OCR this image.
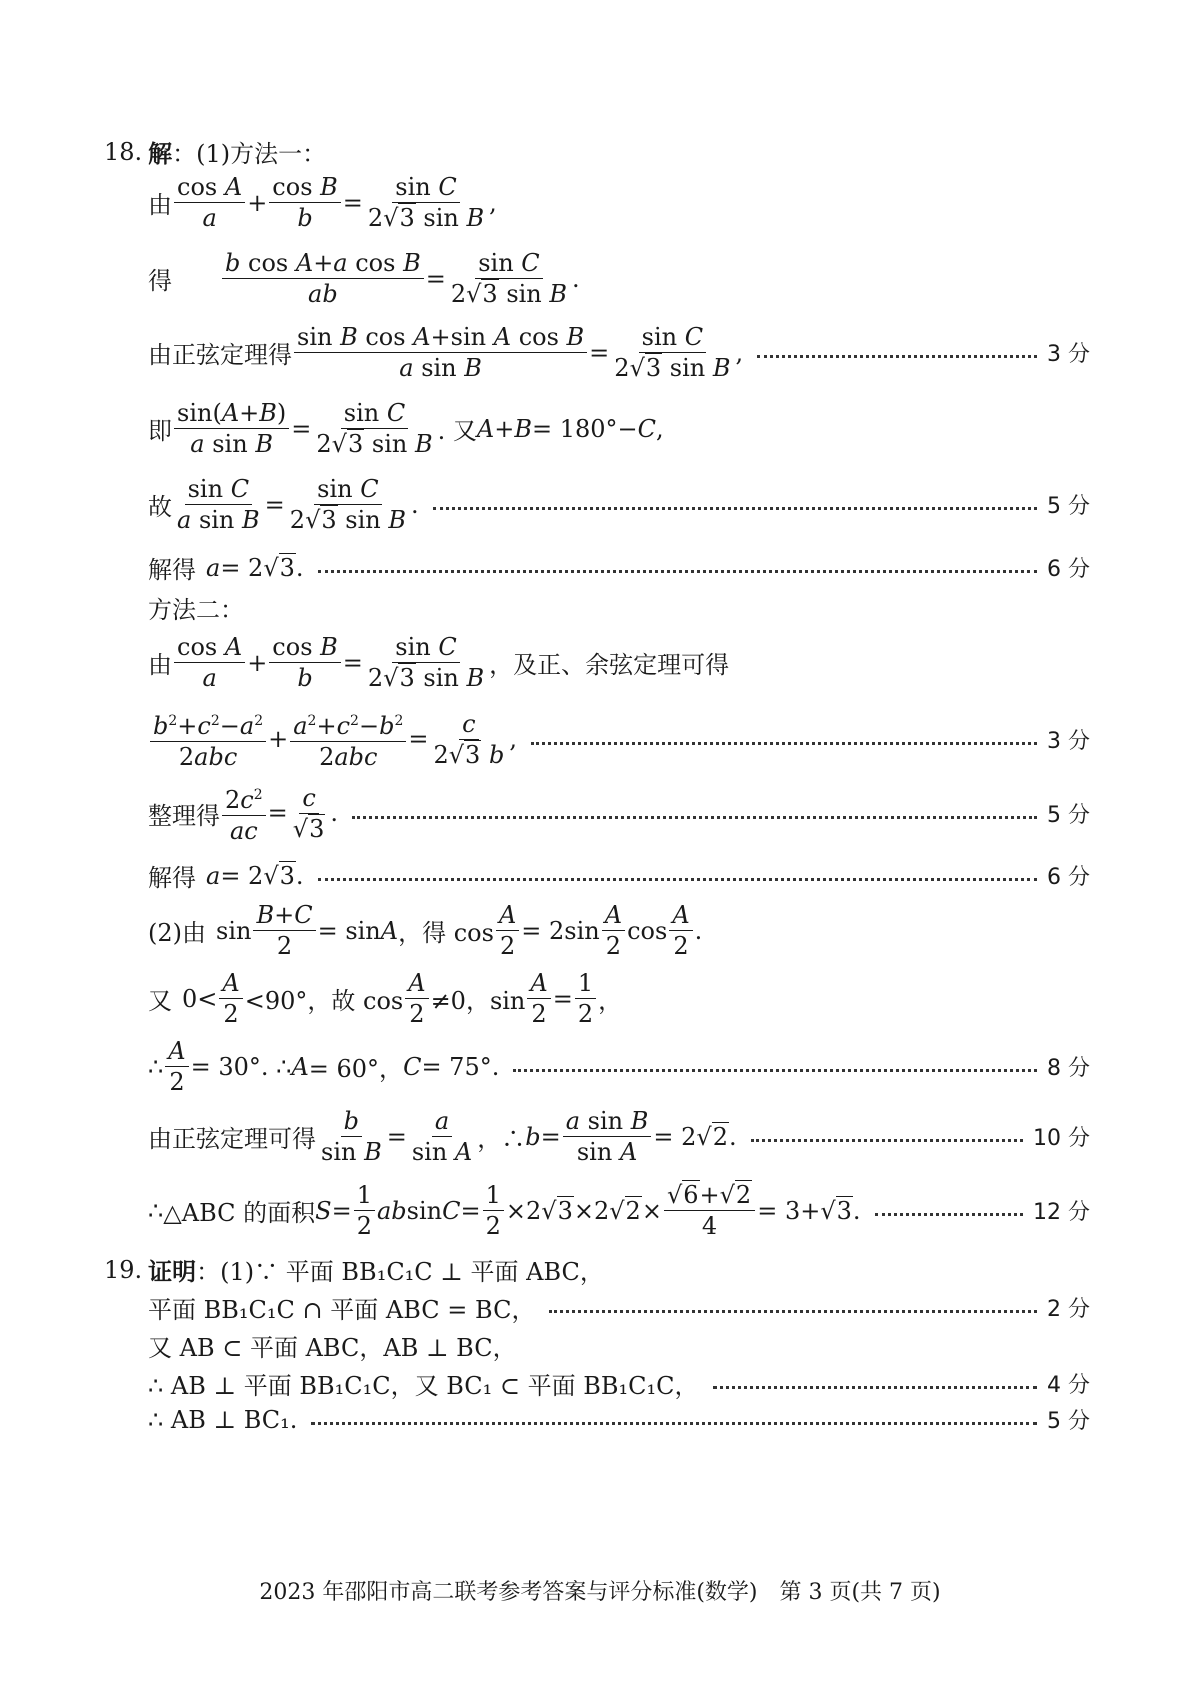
18. 解 ：(1)方法一：
由 $\frac{\text{cos A}}{a} + \frac{\text{cos B}}{b} = \frac{\text{sin C}}{\text{2√3 sin B}}$ ,
得 $\frac{\text{b cos A+a cos B}}{ab} = \frac{\text{sin C}}{\text{2√3 sin B}}$ .
由正弦定理得 $\frac{\text{sin B cos A+sin A cos B}}{\text{a sin B}} = \frac{\text{sin C}}{\text{2√3 sin B}}$ ,	3 分
即 $\frac{\sin(A+B)}{\text{a sin B}} = \frac{\text{sin C}}{\text{2√3 sin B}}$ . 又 A + B = 180°− C ,
故 $\frac{\text{sin C}}{\text{a sin B}} = \frac{\text{sin C}}{\text{2√3 sin B}}$ .	5 分
解得 a = 2 √3 .	6 分
方法二：
由 $\frac{\text{cos A}}{a} + \frac{\text{cos B}}{b} = \frac{\text{sin C}}{\text{2√3 sin B}}$ ，及正、余弦定理可得
$\frac{b^2+c^2-a^2}{\text{2abc}} + \frac{a^2+c^2-b^2}{\text{2abc}} = \frac{c}{2√3 b}$ ,	3 分
整理得 $\frac{2c^2}{ac} = \frac{c}{√3}$ .	5 分
解得 a = 2 √3 .	6 分
(2)由 $\sin \frac{B+C}{2} = \sin A$ ，得 $\cos \frac{A}{2} = 2\sin \frac{A}{2}$ $\cos \frac{A}{2}$ .
又 $0< \frac{A}{2} <90^\circ$，故 $\cos \frac{A}{2} \ne 0$，$\sin \frac{A}{2} = \frac{1}{2}$ ，
∴ $\frac{A}{2} = 30^\circ$. ∴ A = 60°， C = 75°.	8 分
由正弦定理可得 $\frac{b}{\text{sin B}} = \frac{a}{\text{sin A}}$ ，∴ $b = \frac{\text{a sin B}}{\text{sin A}} = 2$ √2 .	10 分
∴ △ABC 的面积 $S = \frac{1}{2}$ ab $\sin C = \frac{1}{2} \times 2$ √3 ×2 $√2 \times \frac{√6+√2}{4} = 3+ √3$ .	12 分
19. 证明 ：(1)∵ 平面 BB₁C₁C ⊥ 平面 ABC，
平面 BB₁C₁C ∩ 平面 ABC = BC，	2 分
又 AB ⊂ 平面 ABC，AB ⊥ BC，
∴ AB ⊥ 平面 BB₁C₁C，又 BC₁ ⊂ 平面 BB₁C₁C，	4 分
∴ AB ⊥ BC₁.	5 分
2023 年邵阳市高二联考参考答案与评分标准(数学)　第 3 页(共 7 页)
